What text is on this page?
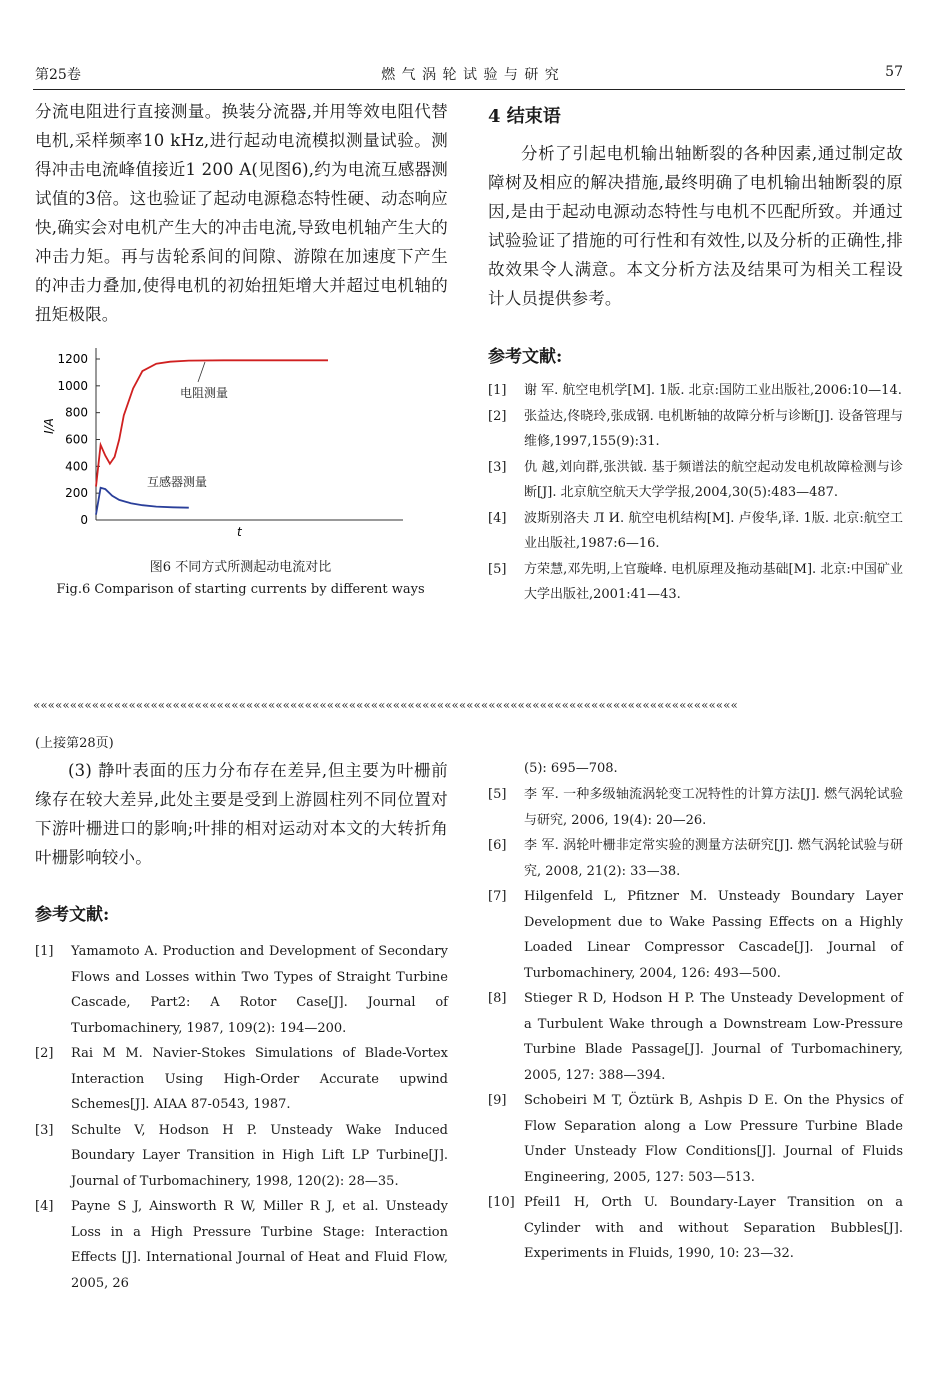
第25卷	燃 气 涡 轮 试 验 与 研 究	57
分流电阻进行直接测量。换装分流器,并用等效电阻代替电机,采样频率10 kHz,进行起动电流模拟测量试验。测得冲击电流峰值接近1 200 A(见图6),约为电流互感器测试值的3倍。这也验证了起动电源稳态特性硬、动态响应快,确实会对电机产生大的冲击电流,导致电机轴产生大的冲击力矩。再与齿轮系间的间隙、游隙在加速度下产生的冲击力叠加,使得电机的初始扭矩增大并超过电机轴的扭矩极限。
0
200
400
600
800
1000
1200
I/A
t
电阻测量
互感器测量
图6 不同方式所测起动电流对比
Fig.6 Comparison of starting currents by different ways
4 结束语
分析了引起电机输出轴断裂的各种因素,通过制定故障树及相应的解决措施,最终明确了电机输出轴断裂的原因,是由于起动电源动态特性与电机不匹配所致。并通过试验验证了措施的可行性和有效性,以及分析的正确性,排故效果令人满意。本文分析方法及结果可为相关工程设计人员提供参考。
参考文献:
[1]	谢 军. 航空电机学[M]. 1版. 北京:国防工业出版社,2006:10—14.
[2]	张益达,佟晓玲,张成钢. 电机断轴的故障分析与诊断[J]. 设备管理与维修,1997,155(9):31.
[3]	仇 越,刘向群,张洪钺. 基于频谱法的航空起动发电机故障检测与诊断[J]. 北京航空航天大学学报,2004,30(5):483—487.
[4]	波斯别洛夫 Л И. 航空电机结构[M]. 卢俊华,译. 1版. 北京:航空工业出版社,1987:6—16.
[5]	方荣慧,邓先明,上官璇峰. 电机原理及拖动基础[M]. 北京:中国矿业大学出版社,2001:41—43.
««««««««««««««««««««««««««««««««««««««««««««««««««««««««««««««««««««««««««««««««««««««««««««««««
(上接第28页)
(3) 静叶表面的压力分布存在差异,但主要为叶栅前缘存在较大差异,此处主要是受到上游圆柱列不同位置对下游叶栅进口的影响;叶排的相对运动对本文的大转折角叶栅影响较小。
参考文献:
[1]	Yamamoto A. Production and Development of Secondary Flows and Losses within Two Types of Straight Turbine Cascade, Part2: A Rotor Case[J]. Journal of Turbomachinery, 1987, 109(2): 194—200.
[2]	Rai M M. Navier-Stokes Simulations of Blade-Vortex Interaction Using High-Order Accurate upwind Schemes[J]. AIAA 87-0543, 1987.
[3]	Schulte V, Hodson H P. Unsteady Wake Induced Boundary Layer Transition in High Lift LP Turbine[J]. Journal of Turbomachinery, 1998, 120(2): 28—35.
[4]	Payne S J, Ainsworth R W, Miller R J, et al. Unsteady Loss in a High Pressure Turbine Stage: Interaction Effects [J]. International Journal of Heat and Fluid Flow, 2005, 26
(5): 695—708.
[5]	李 军. 一种多级轴流涡轮变工况特性的计算方法[J]. 燃气涡轮试验与研究, 2006, 19(4): 20—26.
[6]	李 军. 涡轮叶栅非定常实验的测量方法研究[J]. 燃气涡轮试验与研究, 2008, 21(2): 33—38.
[7]	Hilgenfeld L, Pfitzner M. Unsteady Boundary Layer Development due to Wake Passing Effects on a Highly Loaded Linear Compressor Cascade[J]. Journal of Turbomachinery, 2004, 126: 493—500.
[8]	Stieger R D, Hodson H P. The Unsteady Development of a Turbulent Wake through a Downstream Low-Pressure Turbine Blade Passage[J]. Journal of Turbomachinery, 2005, 127: 388—394.
[9]	Schobeiri M T, Öztürk B, Ashpis D E. On the Physics of Flow Separation along a Low Pressure Turbine Blade Under Unsteady Flow Conditions[J]. Journal of Fluids Engineering, 2005, 127: 503—513.
[10] Pfeil1 H, Orth U. Boundary-Layer Transition on a Cylinder with and without Separation Bubbles[J]. Experiments in Fluids, 1990, 10: 23—32.
